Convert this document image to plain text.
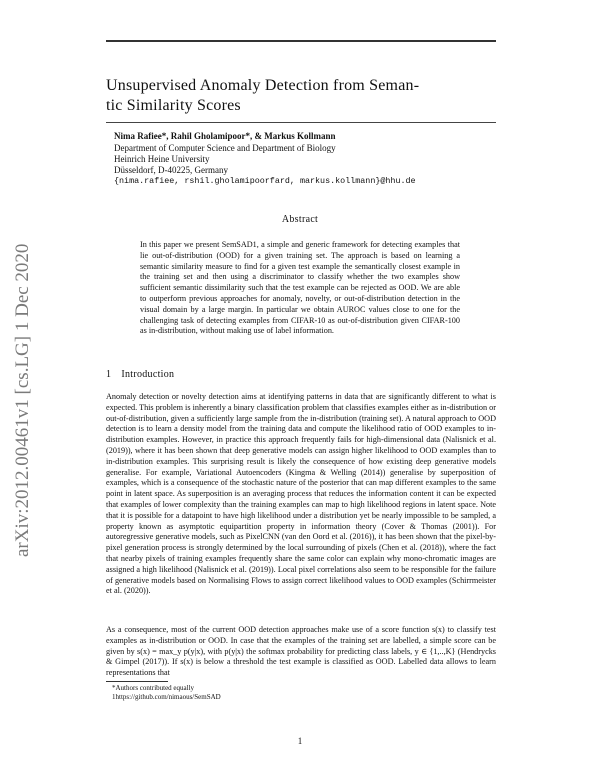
Unsupervised Anomaly Detection from Seman-
tic Similarity Scores
Nima Rafiee*, Rahil Gholamipoor*, & Markus Kollmann
Department of Computer Science and Department of Biology
Heinrich Heine University
Düsseldorf, D-40225, Germany
{nima.rafiee, rshil.gholamipoorfard, markus.kollmann}@hhu.de
arXiv:2012.00461v1 [cs.LG] 1 Dec 2020
Abstract

In this paper we present SemSAD1, a simple and generic framework for detecting examples that lie out-of-distribution (OOD) for a given training set. The approach is based on learning a semantic similarity measure to find for a given test example the semantically closest example in the training set and then using a discriminator to classify whether the two examples show sufficient semantic dissimilarity such that the test example can be rejected as OOD. We are able to outperform previous approaches for anomaly, novelty, or out-of-distribution detection in the visual domain by a large margin. In particular we obtain AUROC values close to one for the challenging task of detecting examples from CIFAR-10 as out-of-distribution given CIFAR-100 as in-distribution, without making use of label information.

1 Introduction

Anomaly detection or novelty detection aims at identifying patterns in data that are significantly different to what is expected. This problem is inherently a binary classification problem that classifies examples either as in-distribution or out-of-distribution, given a sufficiently large sample from the in-distribution (training set). A natural approach to OOD detection is to learn a density model from the training data and compute the likelihood ratio of OOD examples to in-distribution examples. However, in practice this approach frequently fails for high-dimensional data (Nalisnick et al. (2019)), where it has been shown that deep generative models can assign higher likelihood to OOD examples than to in-distribution examples. This surprising result is likely the consequence of how existing deep generative models generalise. For example, Variational Autoencoders (Kingma & Welling (2014)) generalise by superposition of examples, which is a consequence of the stochastic nature of the posterior that can map different examples to the same point in latent space. As superposition is an averaging process that reduces the information content it can be expected that examples of lower complexity than the training examples can map to high likelihood regions in latent space. Note that it is possible for a datapoint to have high likelihood under a distribution yet be nearly impossible to be sampled, a property known as asymptotic equipartition property in information theory (Cover & Thomas (2001)). For autoregressive generative models, such as PixelCNN (van den Oord et al. (2016)), it has been shown that the pixel-by-pixel generation process is strongly determined by the local surrounding of pixels (Chen et al. (2018)), where the fact that nearby pixels of training examples frequently share the same color can explain why mono-chromatic images are assigned a high likelihood (Nalisnick et al. (2019)). Local pixel correlations also seem to be responsible for the failure of generative models based on Normalising Flows to assign correct likelihood values to OOD examples (Schirrmeister et al. (2020)).

As a consequence, most of the current OOD detection approaches make use of a score function s(x) to classify test examples as in-distribution or OOD. In case that the examples of the training set are labelled, a simple score can be given by s(x) = max_y p(y|x), with p(y|x) the softmax probability for predicting class labels, y ∈ {1,..,K} (Hendrycks & Gimpel (2017)). If s(x) is below a threshold the test example is classified as OOD. Labelled data allows to learn representations that

*Authors contributed equally
1https://github.com/nimaous/SemSAD
1
